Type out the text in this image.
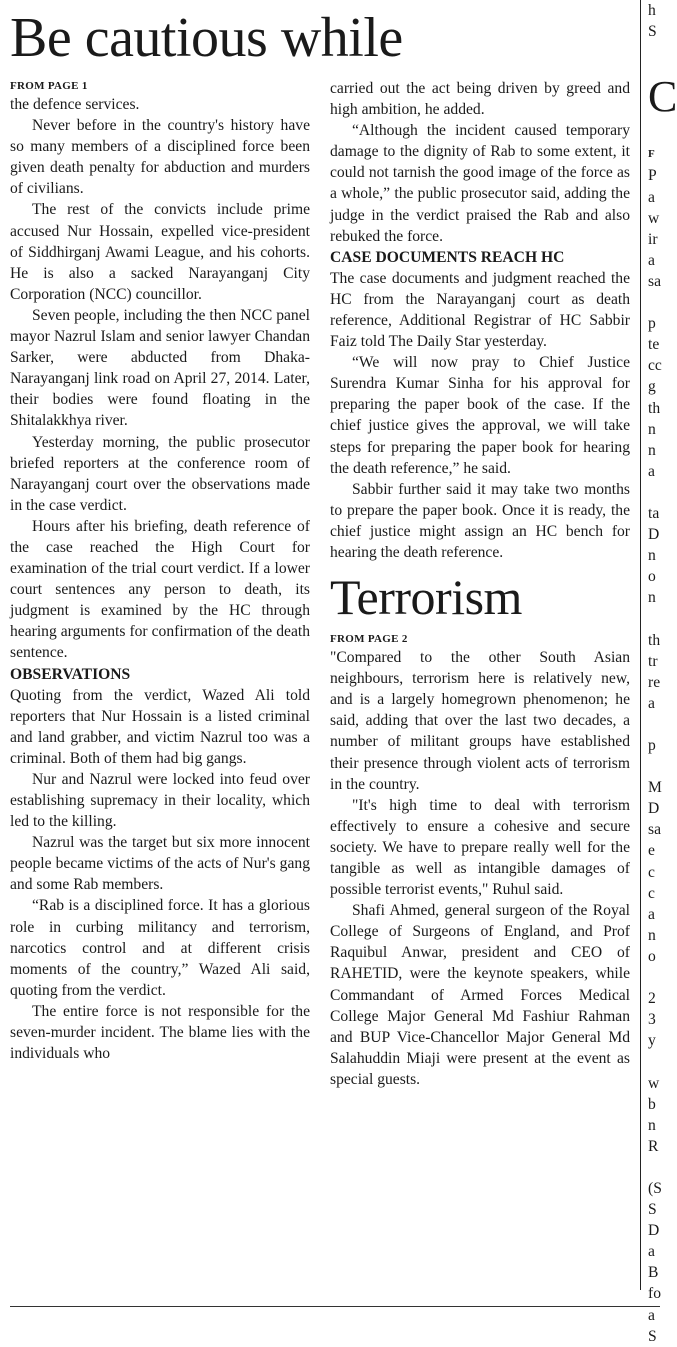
Be cautious while

FROM PAGE 1

the defence services.

Never before in the country's history have so many members of a disciplined force been given death penalty for abduction and murders of civilians.

The rest of the convicts include prime accused Nur Hossain, expelled vice-president of Siddhirganj Awami League, and his cohorts. He is also a sacked Narayanganj City Corporation (NCC) councillor.

Seven people, including the then NCC panel mayor Nazrul Islam and senior lawyer Chandan Sarker, were abducted from Dhaka-Narayanganj link road on April 27, 2014. Later, their bodies were found floating in the Shitalakkhya river.

Yesterday morning, the public prosecutor briefed reporters at the conference room of Narayanganj court over the observations made in the case verdict.

Hours after his briefing, death reference of the case reached the High Court for examination of the trial court verdict. If a lower court sentences any person to death, its judgment is examined by the HC through hearing arguments for confirmation of the death sentence.

OBSERVATIONS

Quoting from the verdict, Wazed Ali told reporters that Nur Hossain is a listed criminal and land grabber, and victim Nazrul too was a criminal. Both of them had big gangs.

Nur and Nazrul were locked into feud over establishing supremacy in their locality, which led to the killing.

Nazrul was the target but six more innocent people became victims of the acts of Nur's gang and some Rab members.

“Rab is a disciplined force. It has a glorious role in curbing militancy and terrorism, narcotics control and at different crisis moments of the country,” Wazed Ali said, quoting from the verdict.

The entire force is not responsible for the seven-murder incident. The blame lies with the individuals who

carried out the act being driven by greed and high ambition, he added.

“Although the incident caused temporary damage to the dignity of Rab to some extent, it could not tarnish the good image of the force as a whole,” the public prosecutor said, adding the judge in the verdict praised the Rab and also rebuked the force.

CASE DOCUMENTS REACH HC

The case documents and judgment reached the HC from the Narayanganj court as death reference, Additional Registrar of HC Sabbir Faiz told The Daily Star yesterday.

“We will now pray to Chief Justice Surendra Kumar Sinha for his approval for preparing the paper book of the case. If the chief justice gives the approval, we will take steps for preparing the paper book for hearing the death reference,” he said.

Sabbir further said it may take two months to prepare the paper book. Once it is ready, the chief justice might assign an HC bench for hearing the death reference.

Terrorism

FROM PAGE 2

"Compared to the other South Asian neighbours, terrorism here is relatively new, and is a largely homegrown phenomenon; he said, adding that over the last two decades, a number of militant groups have established their presence through violent acts of terrorism in the country.

"It's high time to deal with terrorism effectively to ensure a cohesive and secure society. We have to prepare really well for the tangible as well as intangible damages of possible terrorist events," Ruhul said.

Shafi Ahmed, general surgeon of the Royal College of Surgeons of England, and Prof Raquibul Anwar, president and CEO of RAHETID, were the keynote speakers, while Commandant of Armed Forces Medical College Major General Md Fashiur Rahman and BUP Vice-Chancellor Major General Md Salahuddin Miaji were present at the event as special guests.

h
S

C

F
P
a
w
ir
a
sa

p
te
cc
g
th
n
n
a

ta
D
n
o
n

th
tr
re
a

p

M
D
sa
e
c
c
a
n
o

2
3
y

w
b
n
R

(S
S
D
a
B
fo
a
S
